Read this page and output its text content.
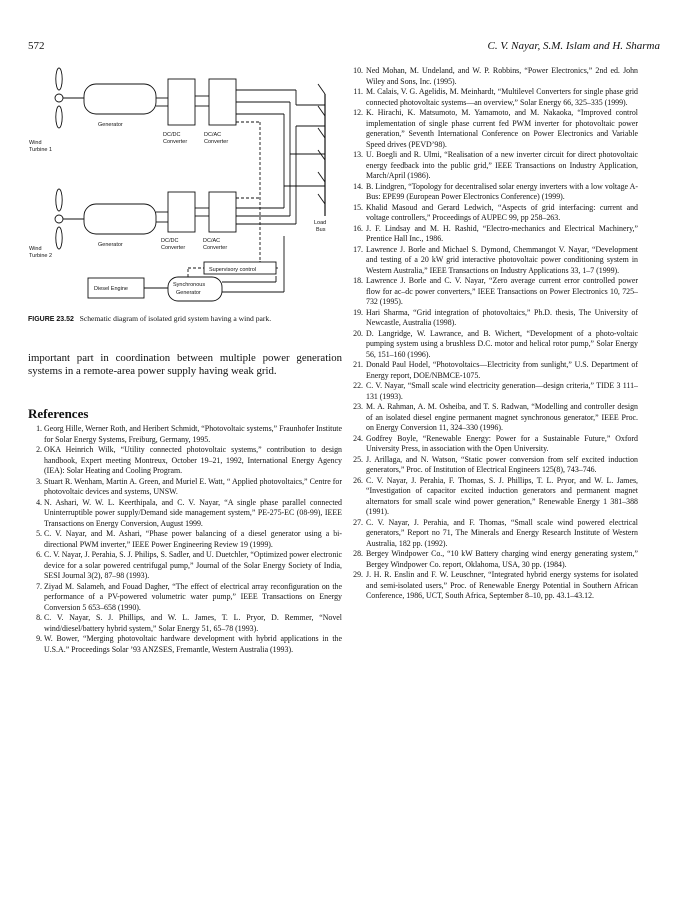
572	C. V. Nayar, S.M. Islam and H. Sharma
Generator
DC/DC
Converter
DC/AC
Converter
Wind
Turbine 1
Generator
DC/DC
Converter
DC/AC
Converter
Wind
Turbine 2
Load
Bus
Supervisory control
Diesel Engine
Synchronous
Generator
FIGURE 23.52 Schematic diagram of isolated grid system having a wind park.
important part in coordination between multiple power generation systems in a remote-area power supply having weak grid.
References
1. Georg Hille, Werner Roth, and Heribert Schmidt, “Photovoltaic systems,” Fraunhofer Institute for Solar Energy Systems, Freiburg, Germany, 1995.
2. OKA Heinrich Wilk, “Utility connected photovoltaic systems,” contribution to design handbook, Expert meeting Montreux, October 19–21, 1992, International Energy Agency (IEA): Solar Heating and Cooling Program.
3. Stuart R. Wenham, Martin A. Green, and Muriel E. Watt, “ Applied photovoltaics,” Centre for photovoltaic devices and systems, UNSW.
4. N. Ashari, W. W. L. Keerthipala, and C. V. Nayar, “A single phase parallel connected Uninterruptible power supply/Demand side management system,” PE-275-EC (08-99), IEEE Transactions on Energy Conversion, August 1999.
5. C. V. Nayar, and M. Ashari, “Phase power balancing of a diesel generator using a bi-directional PWM inverter,” IEEE Power Engineering Review 19 (1999).
6. C. V. Nayar, J. Perahia, S. J. Philips, S. Sadler, and U. Duetchler, “Optimized power electronic device for a solar powered centrifugal pump,” Journal of the Solar Energy Society of India, SESI Journal 3(2), 87–98 (1993).
7. Ziyad M. Salameh, and Fouad Dagher, “The effect of electrical array reconfiguration on the performance of a PV-powered volumetric water pump,” IEEE Transactions on Energy Conversion 5 653–658 (1990).
8. C. V. Nayar, S. J. Phillips, and W. L. James, T. L. Pryor, D. Remmer, “Novel wind/diesel/battery hybrid system,” Solar Energy 51, 65–78 (1993).
9. W. Bower, “Merging photovoltaic hardware development with hybrid applications in the U.S.A.” Proceedings Solar ’93 ANZSES, Fremantle, Western Australia (1993).
10. Ned Mohan, M. Undeland, and W. P. Robbins, “Power Electronics,” 2nd ed. John Wiley and Sons, Inc. (1995).
11. M. Calais, V. G. Agelidis, M. Meinhardt, “Multilevel Converters for single phase grid connected photovoltaic systems—an overview,” Solar Energy 66, 325–335 (1999).
12. K. Hirachi, K. Matsumoto, M. Yamamoto, and M. Nakaoka, “Improved control implementation of single phase current fed PWM inverter for photovoltaic power generation,” Seventh International Conference on Power Electronics and Variable Speed drives (PEVD’98).
13. U. Boegli and R. Ulmi, “Realisation of a new inverter circuit for direct photovoltaic energy feedback into the public grid,” IEEE Transactions on Industry Application, March/April (1986).
14. B. Lindgren, “Topology for decentralised solar energy inverters with a low voltage A-Bus: EPE99 (European Power Electronics Conference) (1999).
15. Khalid Masoud and Gerard Ledwich, “Aspects of grid interfacing: current and voltage controllers,” Proceedings of AUPEC 99, pp 258–263.
16. J. F. Lindsay and M. H. Rashid, “Electro-mechanics and Electrical Machinery,” Prentice Hall Inc., 1986.
17. Lawrence J. Borle and Michael S. Dymond, Chemmangot V. Nayar, “Development and testing of a 20 kW grid interactive photovoltaic power conditioning system in Western Australia,” IEEE Transactions on Industry Applications 33, 1–7 (1999).
18. Lawrence J. Borle and C. V. Nayar, “Zero average current error controlled power flow for ac–dc power converters,” IEEE Transactions on Power Electronics 10, 725–732 (1995).
19. Hari Sharma, “Grid integration of photovoltaics,” Ph.D. thesis, The University of Newcastle, Australia (1998).
20. D. Langridge, W. Lawrance, and B. Wichert, “Development of a photo-voltaic pumping system using a brushless D.C. motor and helical rotor pump,” Solar Energy 56, 151–160 (1996).
21. Donald Paul Hodel, “Photovoltaics—Electricity from sunlight,” U.S. Department of Energy report, DOE/NBMCE-1075.
22. C. V. Nayar, “Small scale wind electricity generation—design criteria,” TIDE 3 111–131 (1993).
23. M. A. Rahman, A. M. Osheiba, and T. S. Radwan, “Modelling and controller design of an isolated diesel engine permanent magnet synchronous generator,” IEEE Proc. on Energy Conversion 11, 324–330 (1996).
24. Godfrey Boyle, “Renewable Energy: Power for a Sustainable Future,” Oxford University Press, in association with the Open University.
25. J. Arillaga, and N. Watson, “Static power conversion from self excited induction generators,” Proc. of Institution of Electrical Engineers 125(8), 743–746.
26. C. V. Nayar, J. Perahia, F. Thomas, S. J. Phillips, T. L. Pryor, and W. L. James, “Investigation of capacitor excited induction generators and permanent magnet alternators for small scale wind power generation,” Renewable Energy 1 381–388 (1991).
27. C. V. Nayar, J. Perahia, and F. Thomas, “Small scale wind powered electrical generators,” Report no 71, The Minerals and Energy Research Institute of Western Australia, 182 pp. (1992).
28. Bergey Windpower Co., “10 kW Battery charging wind energy generating system,” Bergey Windpower Co. report, Oklahoma, USA, 30 pp. (1984).
29. J. H. R. Enslin and F. W. Leuschner, “Integrated hybrid energy systems for isolated and semi-isolated users,” Proc. of Renewable Energy Potential in Southern African Conference, 1986, UCT, South Africa, September 8–10, pp. 43.1–43.12.
